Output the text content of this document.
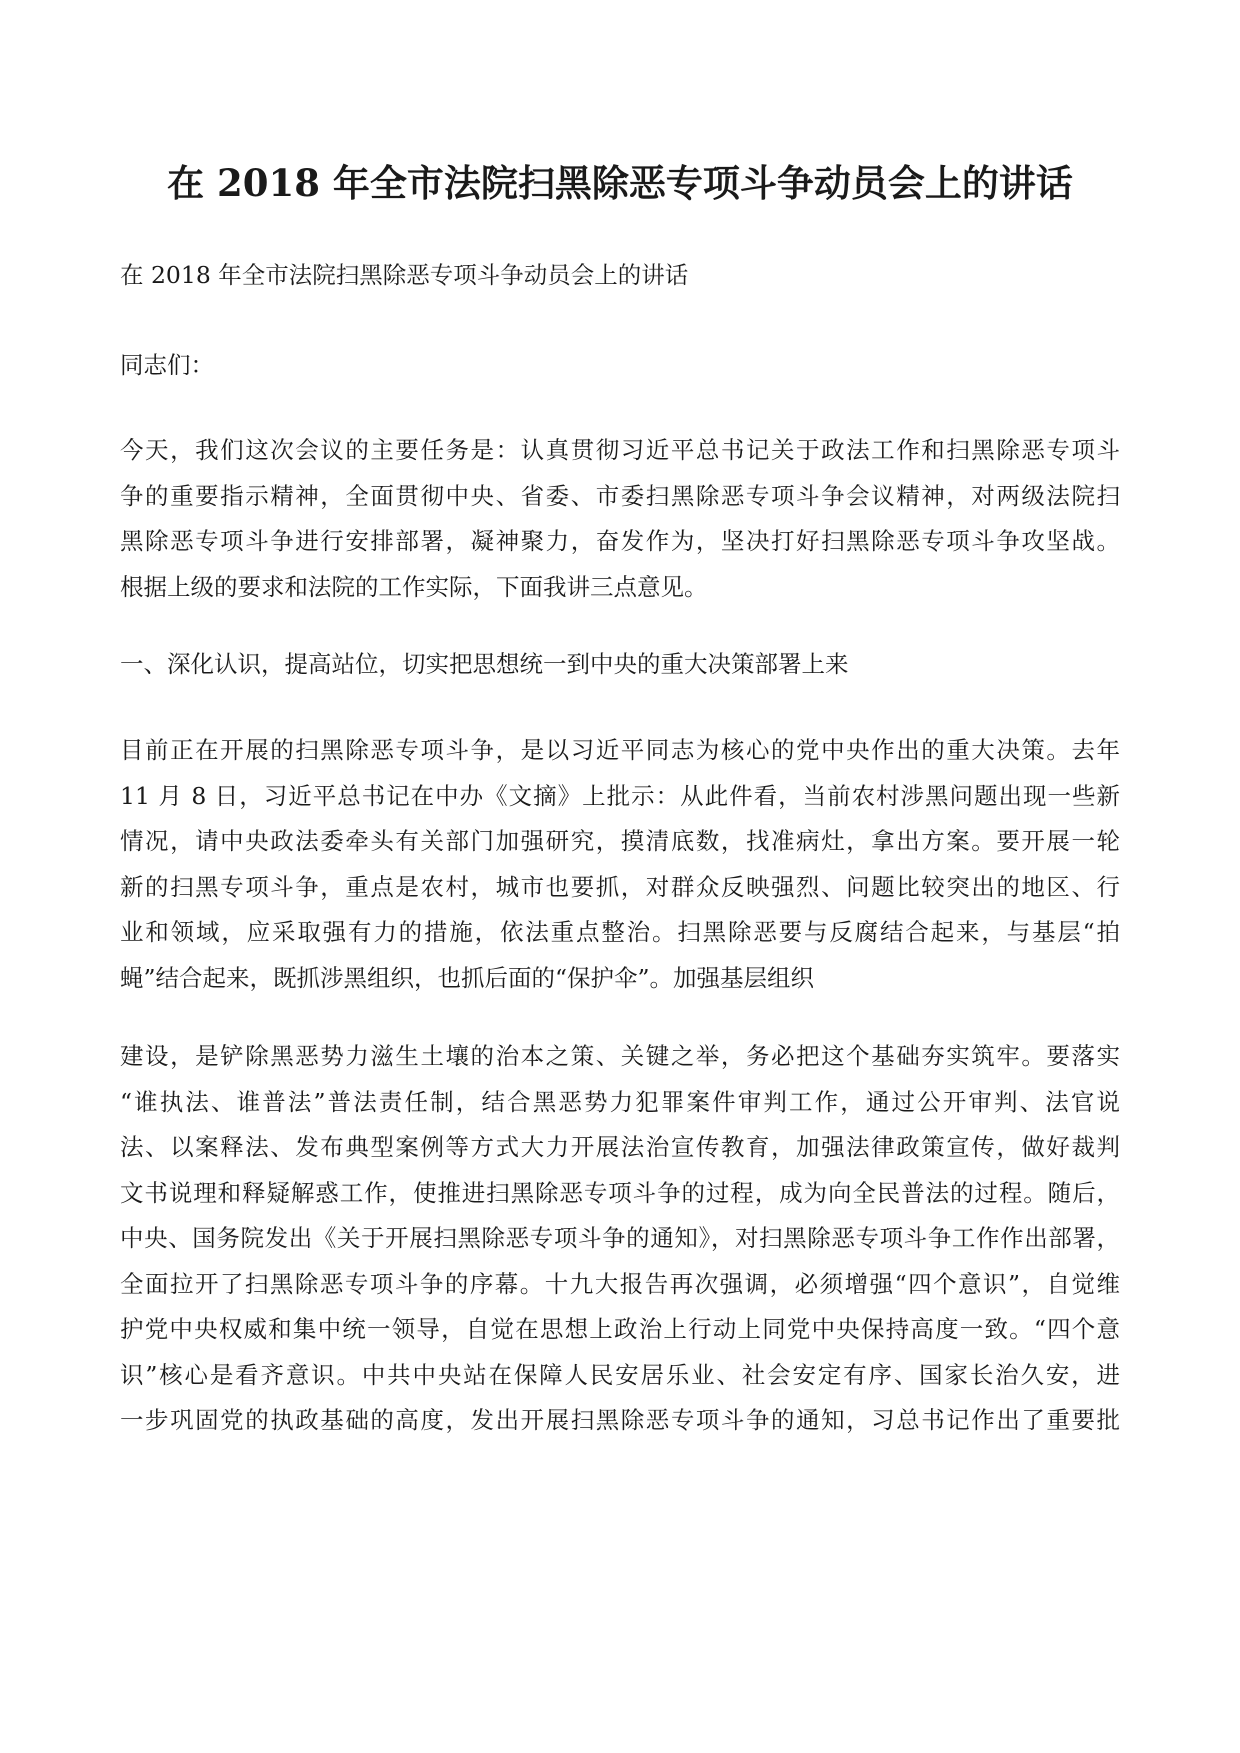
在 2018 年全市法院扫黑除恶专项斗争动员会上的讲话

在 2018 年全市法院扫黑除恶专项斗争动员会上的讲话

同志们：

今天，我们这次会议的主要任务是：认真贯彻习近平总书记关于政法工作和扫黑除恶专项斗
争的重要指示精神，全面贯彻中央、省委、市委扫黑除恶专项斗争会议精神，对两级法院扫
黑除恶专项斗争进行安排部署，凝神聚力，奋发作为，坚决打好扫黑除恶专项斗争攻坚战。
根据上级的要求和法院的工作实际，下面我讲三点意见。

一、深化认识，提高站位，切实把思想统一到中央的重大决策部署上来

目前正在开展的扫黑除恶专项斗争，是以习近平同志为核心的党中央作出的重大决策。去年
11 月 8 日，习近平总书记在中办《文摘》上批示：从此件看，当前农村涉黑问题出现一些新
情况，请中央政法委牵头有关部门加强研究，摸清底数，找准病灶，拿出方案。要开展一轮
新的扫黑专项斗争，重点是农村，城市也要抓，对群众反映强烈、问题比较突出的地区、行
业和领域，应采取强有力的措施，依法重点整治。扫黑除恶要与反腐结合起来，与基层“拍
蝇”结合起来，既抓涉黑组织，也抓后面的“保护伞”。加强基层组织

建设，是铲除黑恶势力滋生土壤的治本之策、关键之举，务必把这个基础夯实筑牢。要落实
“谁执法、谁普法”普法责任制，结合黑恶势力犯罪案件审判工作，通过公开审判、法官说
法、以案释法、发布典型案例等方式大力开展法治宣传教育，加强法律政策宣传，做好裁判
文书说理和释疑解惑工作，使推进扫黑除恶专项斗争的过程，成为向全民普法的过程。随后，
中央、国务院发出《关于开展扫黑除恶专项斗争的通知》，对扫黑除恶专项斗争工作作出部署，
全面拉开了扫黑除恶专项斗争的序幕。十九大报告再次强调，必须增强“四个意识”，自觉维
护党中央权威和集中统一领导，自觉在思想上政治上行动上同党中央保持高度一致。“四个意
识”核心是看齐意识。中共中央站在保障人民安居乐业、社会安定有序、国家长治久安，进
一步巩固党的执政基础的高度，发出开展扫黑除恶专项斗争的通知，习总书记作出了重要批
